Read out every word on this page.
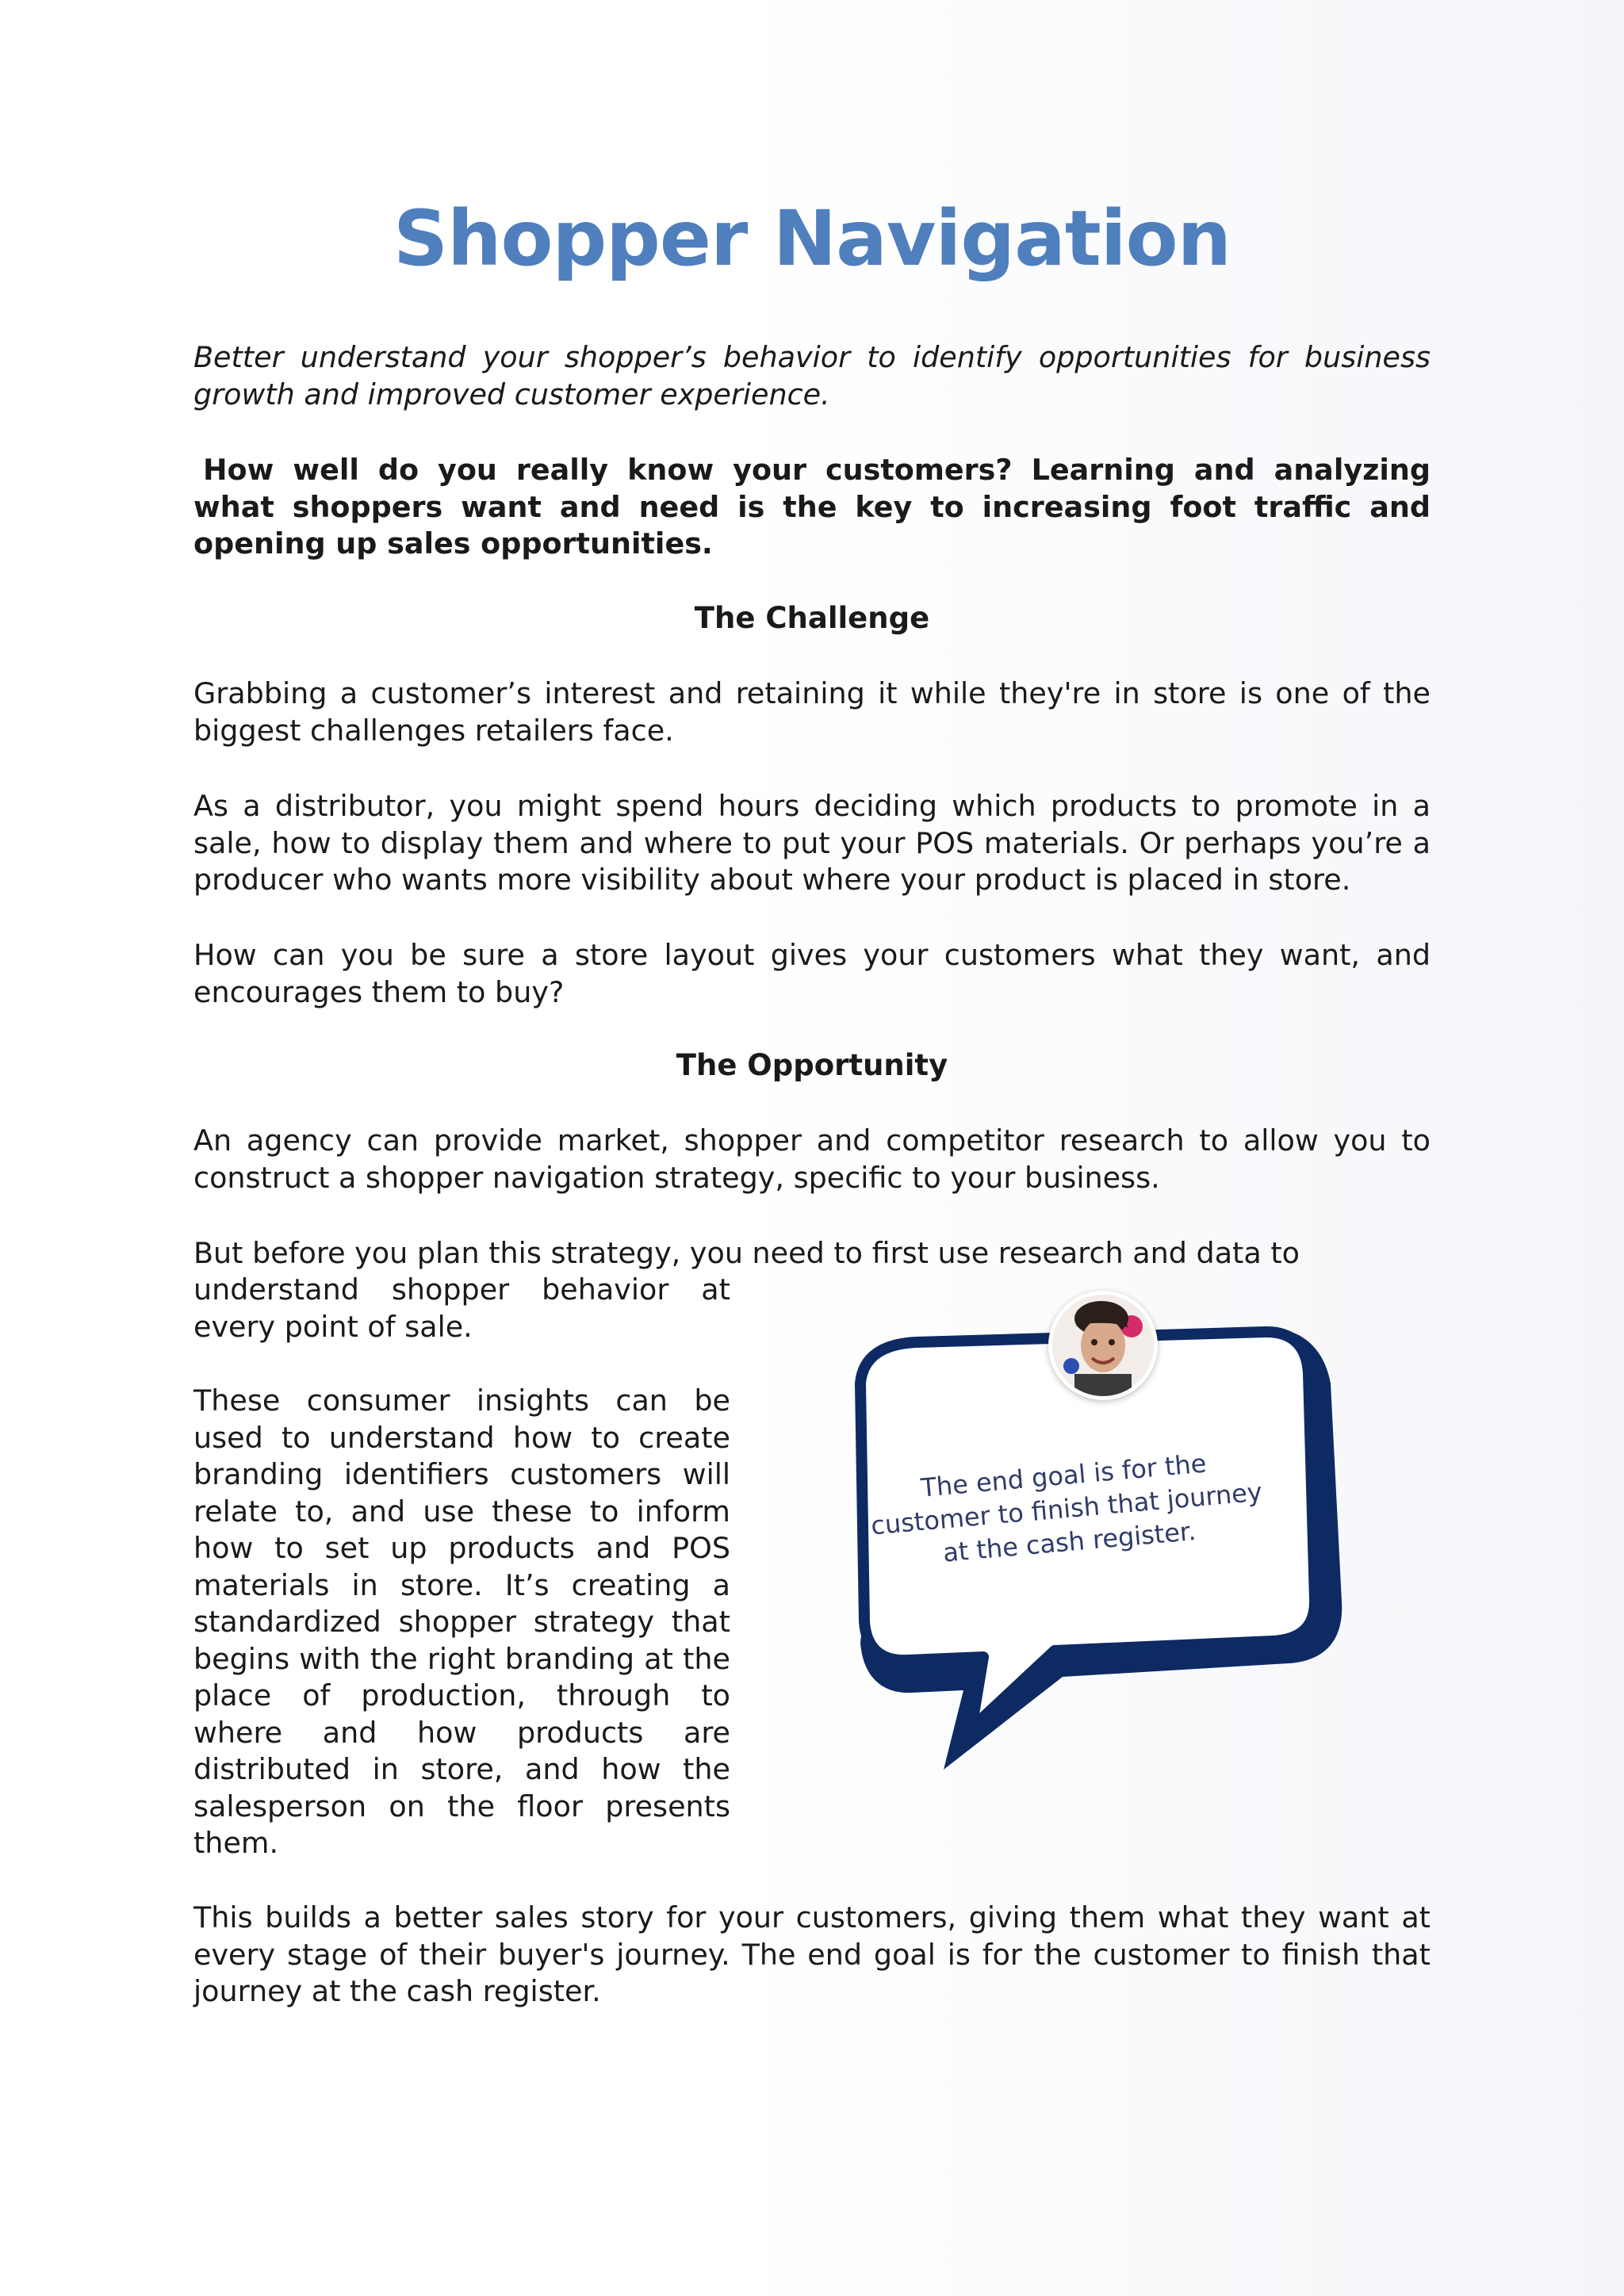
Shopper Navigation

Better understand your shopper’s behavior to identify opportunities for business growth and improved customer experience.

How well do you really know your customers? Learning and analyzing what shoppers want and need is the key to increasing foot traffic and opening up sales opportunities.

The Challenge

Grabbing a customer’s interest and retaining it while they're in store is one of the biggest challenges retailers face.

As a distributor, you might spend hours deciding which products to promote in a sale, how to display them and where to put your POS materials. Or perhaps you’re a producer who wants more visibility about where your product is placed in store.

How can you be sure a store layout gives your customers what they want, and encourages them to buy?

The Opportunity

An agency can provide market, shopper and competitor research to allow you to construct a shopper navigation strategy, specific to your business.

But before you plan this strategy, you need to first use research and data to

understand shopper behavior at every point of sale.

These consumer insights can be used to understand how to create branding identifiers customers will relate to, and use these to inform how to set up products and POS materials in store. It’s creating a standardized shopper strategy that begins with the right branding at the place of production, through to where and how products are distributed in store, and how the salesperson on the floor presents them.

This builds a better sales story for your customers, giving them what they want at every stage of their buyer's journey. The end goal is for the customer to finish that journey at the cash register.

The end goal is for the customer to finish that journey at the cash register.
